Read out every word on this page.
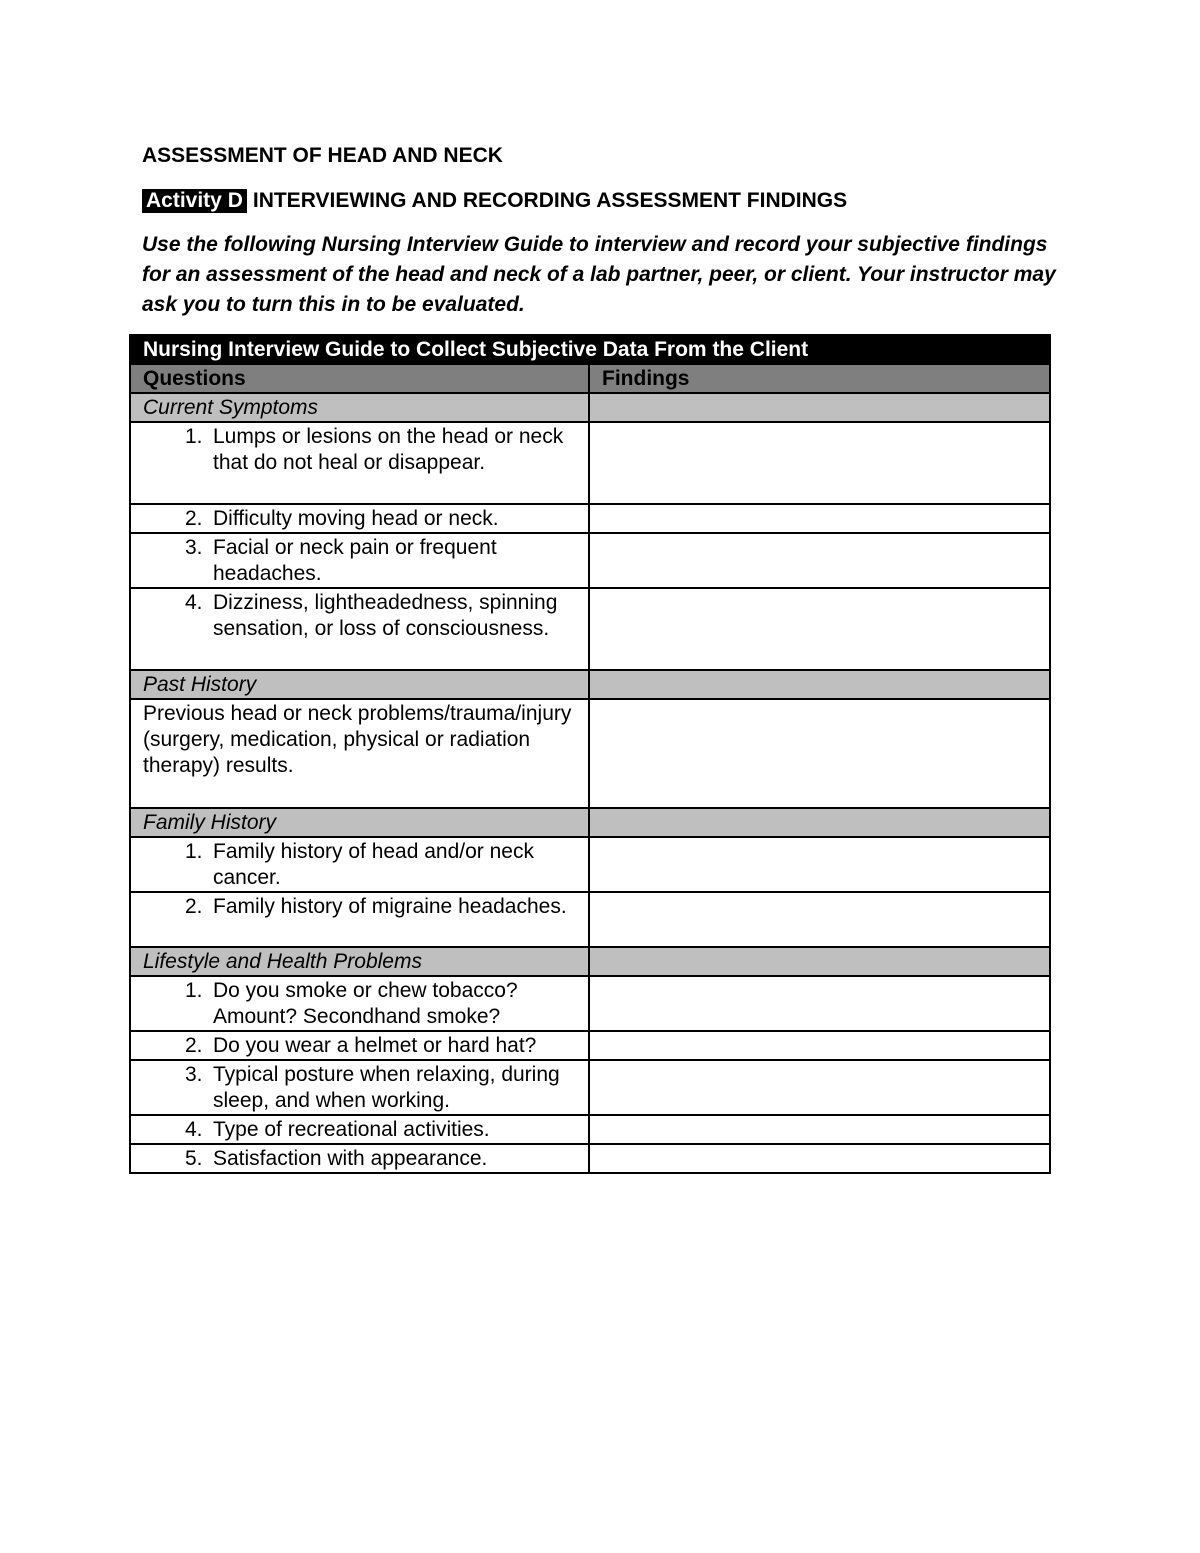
ASSESSMENT OF HEAD AND NECK
Activity D INTERVIEWING AND RECORDING ASSESSMENT FINDINGS
Use the following Nursing Interview Guide to interview and record your subjective findings for an assessment of the head and neck of a lab partner, peer, or client. Your instructor may ask you to turn this in to be evaluated.
Nursing Interview Guide to Collect Subjective Data From the Client	
Questions	Findings
Current Symptoms	

1. Lumps or lesions on the head or neck that do not heal or disappear.	

2. Difficulty moving head or neck.	

3. Facial or neck pain or frequent headaches.	

4. Dizziness, lightheadedness, spinning sensation, or loss of consciousness.	

Past History	
Previous head or neck problems/trauma/injury (surgery, medication, physical or radiation therapy) results.	
Family History	

1. Family history of head and/or neck cancer.	

2. Family history of migraine headaches.	

Lifestyle and Health Problems	

1. Do you smoke or chew tobacco? Amount? Secondhand smoke?	

2. Do you wear a helmet or hard hat?	

3. Typical posture when relaxing, during sleep, and when working.	

4. Type of recreational activities.	

5. Satisfaction with appearance.	
